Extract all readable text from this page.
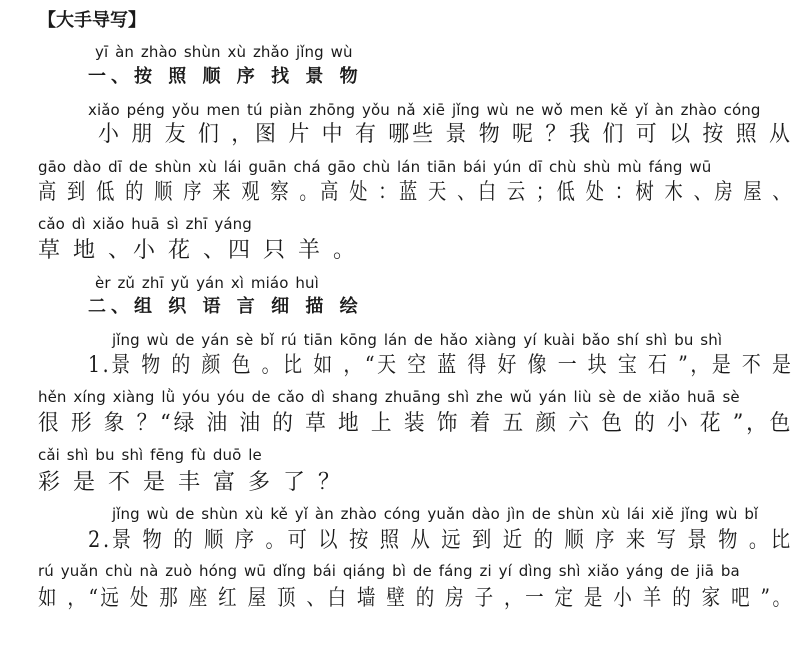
【大手导写】
yī àn zhào shùn xù zhǎo jǐng wù
一、按 照 顺 序 找 景 物
xiǎo péng yǒu men tú piàn zhōng yǒu nǎ xiē jǐng wù ne wǒ men kě yǐ àn zhào cóng
小 朋 友 们 ，图 片 中 有 哪些 景 物 呢 ？我 们 可 以 按 照 从
gāo dào dī de shùn xù lái guān chá gāo chù lán tiān bái yún dī chù shù mù fáng wū
高 到 低 的 顺 序 来 观 察 。高 处 ：蓝 天 、白 云 ；低 处 ：树 木 、房 屋 、
cǎo dì xiǎo huā sì zhī yáng
草 地 、小 花 、四 只 羊 。
èr zǔ zhī yǔ yán xì miáo huì
二、组 织 语 言 细 描 绘
jǐng wù de yán sè bǐ rú tiān kōng lán de hǎo xiàng yí kuài bǎo shí shì bu shì
1.景 物 的 颜 色 。比 如 ，“天 空 蓝 得 好 像 一 块 宝 石 ”，是 不 是
hěn xíng xiàng lǜ yóu yóu de cǎo dì shang zhuāng shì zhe wǔ yán liù sè de xiǎo huā sè
很 形 象 ？“绿 油 油 的 草 地 上 装 饰 着 五 颜 六 色 的 小 花 ”，色
cǎi shì bu shì fēng fù duō le
彩 是 不 是 丰 富 多 了 ？
jǐng wù de shùn xù kě yǐ àn zhào cóng yuǎn dào jìn de shùn xù lái xiě jǐng wù bǐ
2.景 物 的 顺 序 。可 以 按 照 从 远 到 近 的 顺 序 来 写 景 物 。比
rú yuǎn chù nà zuò hóng wū dǐng bái qiáng bì de fáng zi yí dìng shì xiǎo yáng de jiā ba
如 ，“远 处 那 座 红 屋 顶 、白 墙 壁 的 房 子 ，一 定 是 小 羊 的 家 吧 ”。
